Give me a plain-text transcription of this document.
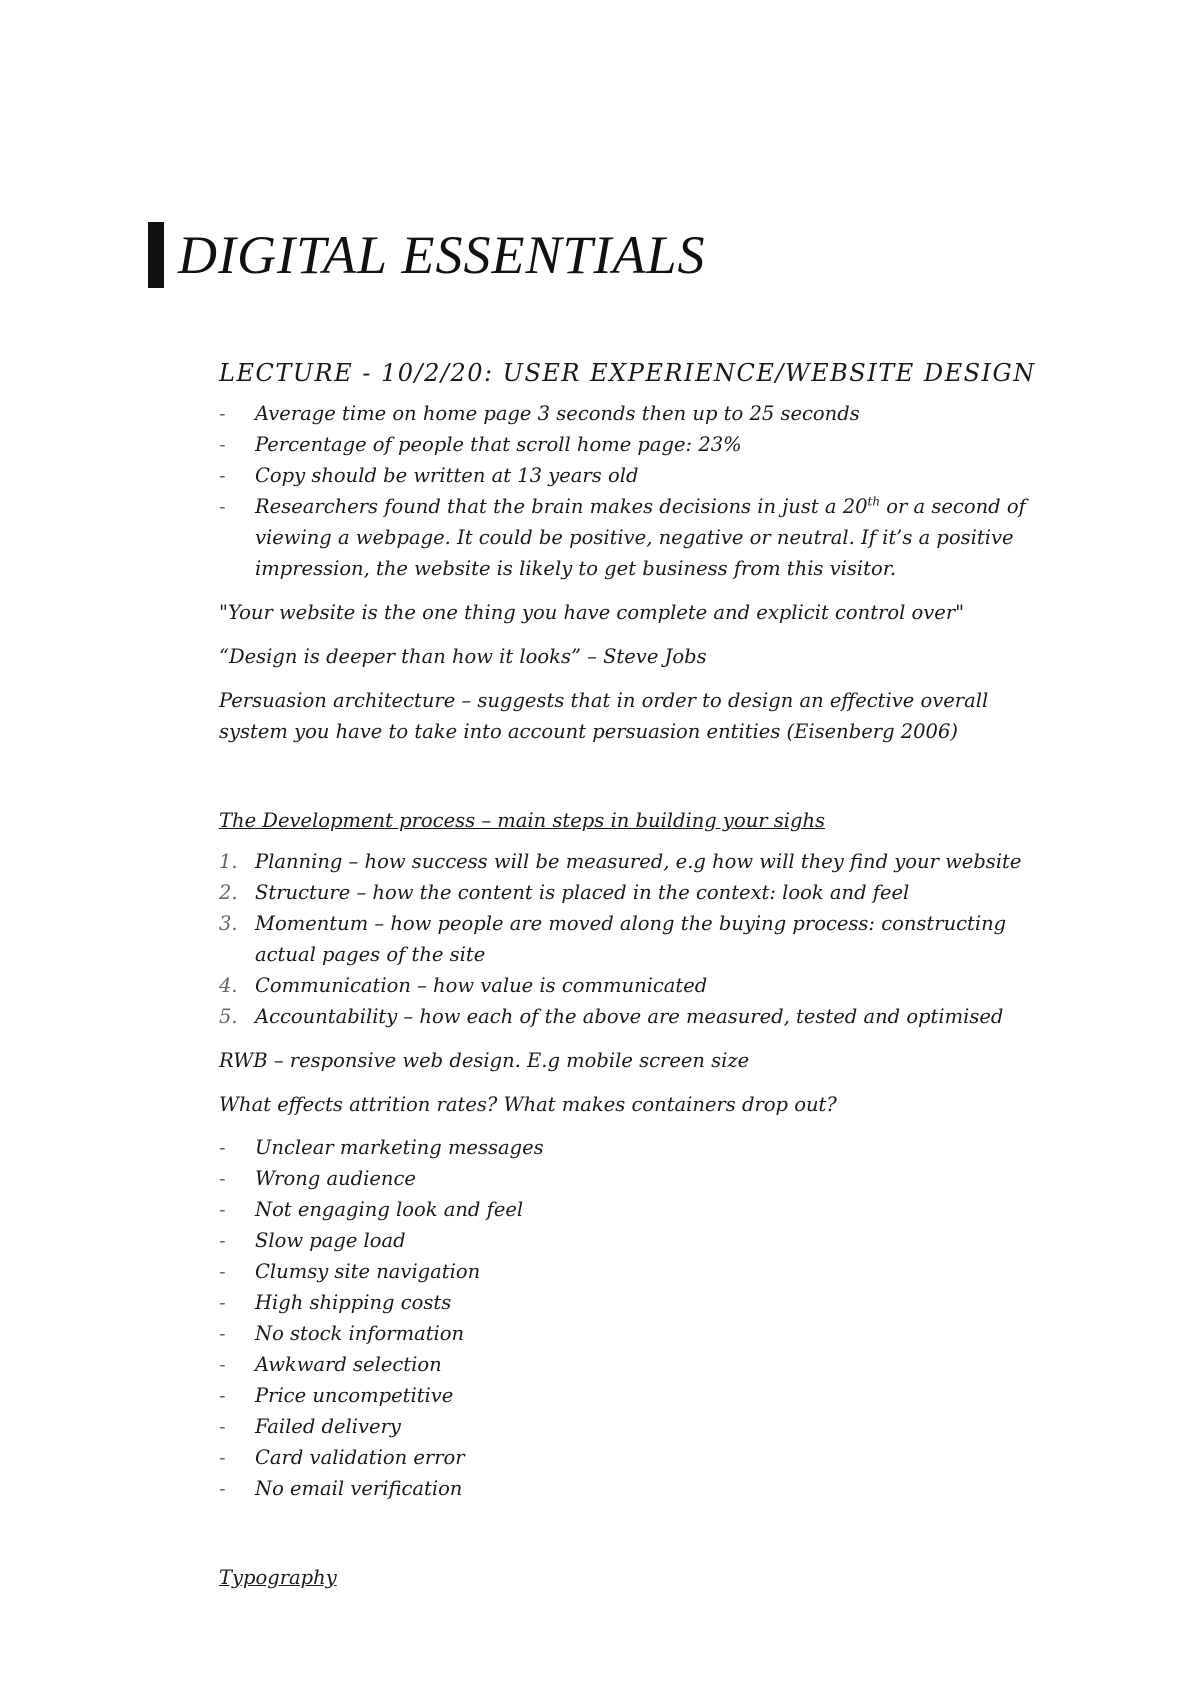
DIGITAL ESSENTIALS
LECTURE - 10/2/20: USER EXPERIENCE/WEBSITE DESIGN
- Average time on home page 3 seconds then up to 25 seconds
- Percentage of people that scroll home page: 23%
- Copy should be written at 13 years old
- Researchers found that the brain makes decisions in just a 20th or a second of viewing a webpage. It could be positive, negative or neutral. If it’s a positive impression, the website is likely to get business from this visitor.

"Your website is the one thing you have complete and explicit control over"

“Design is deeper than how it looks” – Steve Jobs

Persuasion architecture – suggests that in order to design an effective overall system you have to take into account persuasion entities (Eisenberg 2006)

The Development process – main steps in building your sighs

1. Planning – how success will be measured, e.g how will they find your website
2. Structure – how the content is placed in the context: look and feel
3. Momentum – how people are moved along the buying process: constructing actual pages of the site
4. Communication – how value is communicated
5. Accountability – how each of the above are measured, tested and optimised

RWB – responsive web design. E.g mobile screen size

What effects attrition rates? What makes containers drop out?

- Unclear marketing messages
- Wrong audience
- Not engaging look and feel
- Slow page load
- Clumsy site navigation
- High shipping costs
- No stock information
- Awkward selection
- Price uncompetitive
- Failed delivery
- Card validation error
- No email verification

Typography
